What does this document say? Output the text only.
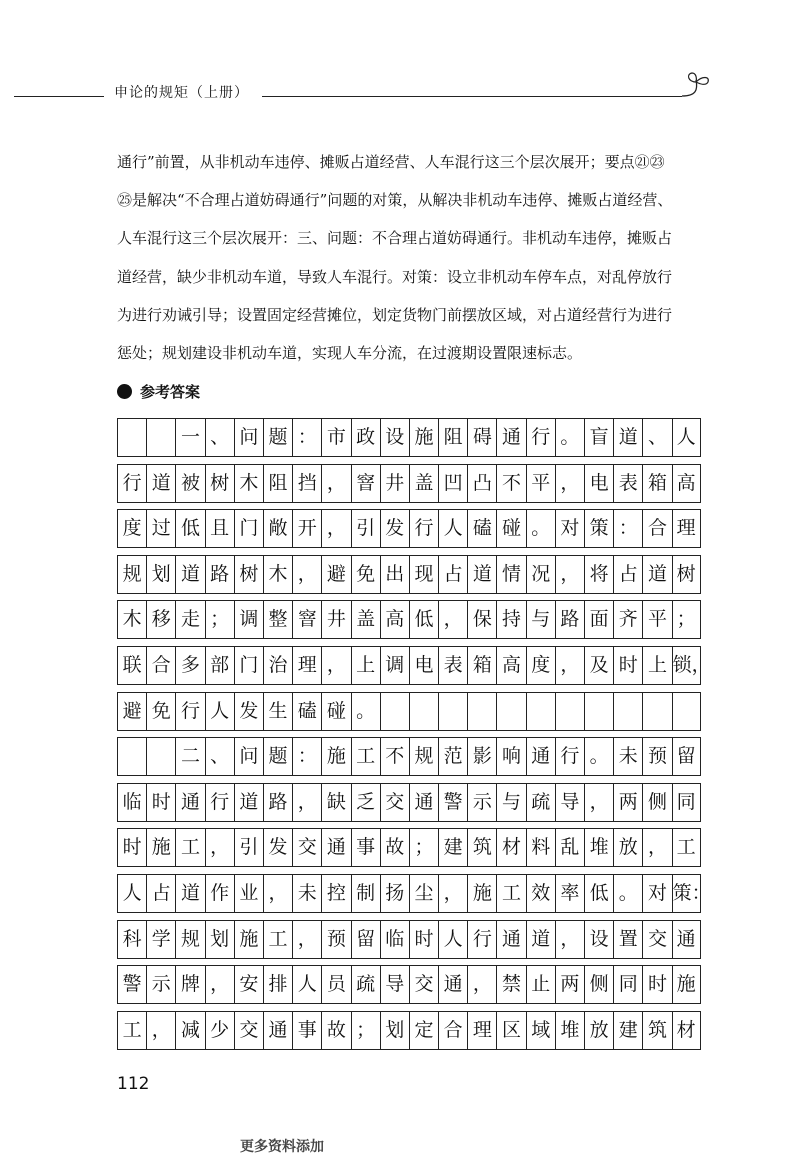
申论的规矩（上册）
通行”前置，从非机动车违停、摊贩占道经营、人车混行这三个层次展开；要点㉑㉓
㉕是解决“不合理占道妨碍通行”问题的对策，从解决非机动车违停、摊贩占道经营、
人车混行这三个层次展开：三、问题：不合理占道妨碍通行。非机动车违停，摊贩占
道经营，缺少非机动车道，导致人车混行。对策：设立非机动车停车点，对乱停放行
为进行劝诫引导；设置固定经营摊位，划定货物门前摆放区域，对占道经营行为进行
惩处；规划建设非机动车道，实现人车分流，在过渡期设置限速标志。
参考答案
一 、 问 题 ： 市 政 设 施 阻 碍 通 行 。 盲 道 、 人
行 道 被 树 木 阻 挡 ， 窨 井 盖 凹 凸 不 平 ， 电 表 箱 高
度 过 低 且 门 敞 开 ， 引 发 行 人 磕 碰 。 对 策 ： 合 理
规 划 道 路 树 木 ， 避 免 出 现 占 道 情 况 ， 将 占 道 树
木 移 走 ； 调 整 窨 井 盖 高 低 ， 保 持 与 路 面 齐 平 ；
联 合 多 部 门 治 理 ， 上 调 电 表 箱 高 度 ， 及 时 上 锁，
避 免 行 人 发 生 磕 碰 。
二 、 问 题 ： 施 工 不 规 范 影 响 通 行 。 未 预 留
临 时 通 行 道 路 ， 缺 乏 交 通 警 示 与 疏 导 ， 两 侧 同
时 施 工 ， 引 发 交 通 事 故 ； 建 筑 材 料 乱 堆 放 ， 工
人 占 道 作 业 ， 未 控 制 扬 尘 ， 施 工 效 率 低 。 对 策：
科 学 规 划 施 工 ， 预 留 临 时 人 行 通 道 ， 设 置 交 通
警 示 牌 ， 安 排 人 员 疏 导 交 通 ， 禁 止 两 侧 同 时 施
工 ， 减 少 交 通 事 故 ； 划 定 合 理 区 域 堆 放 建 筑 材
112
更多资料添加
